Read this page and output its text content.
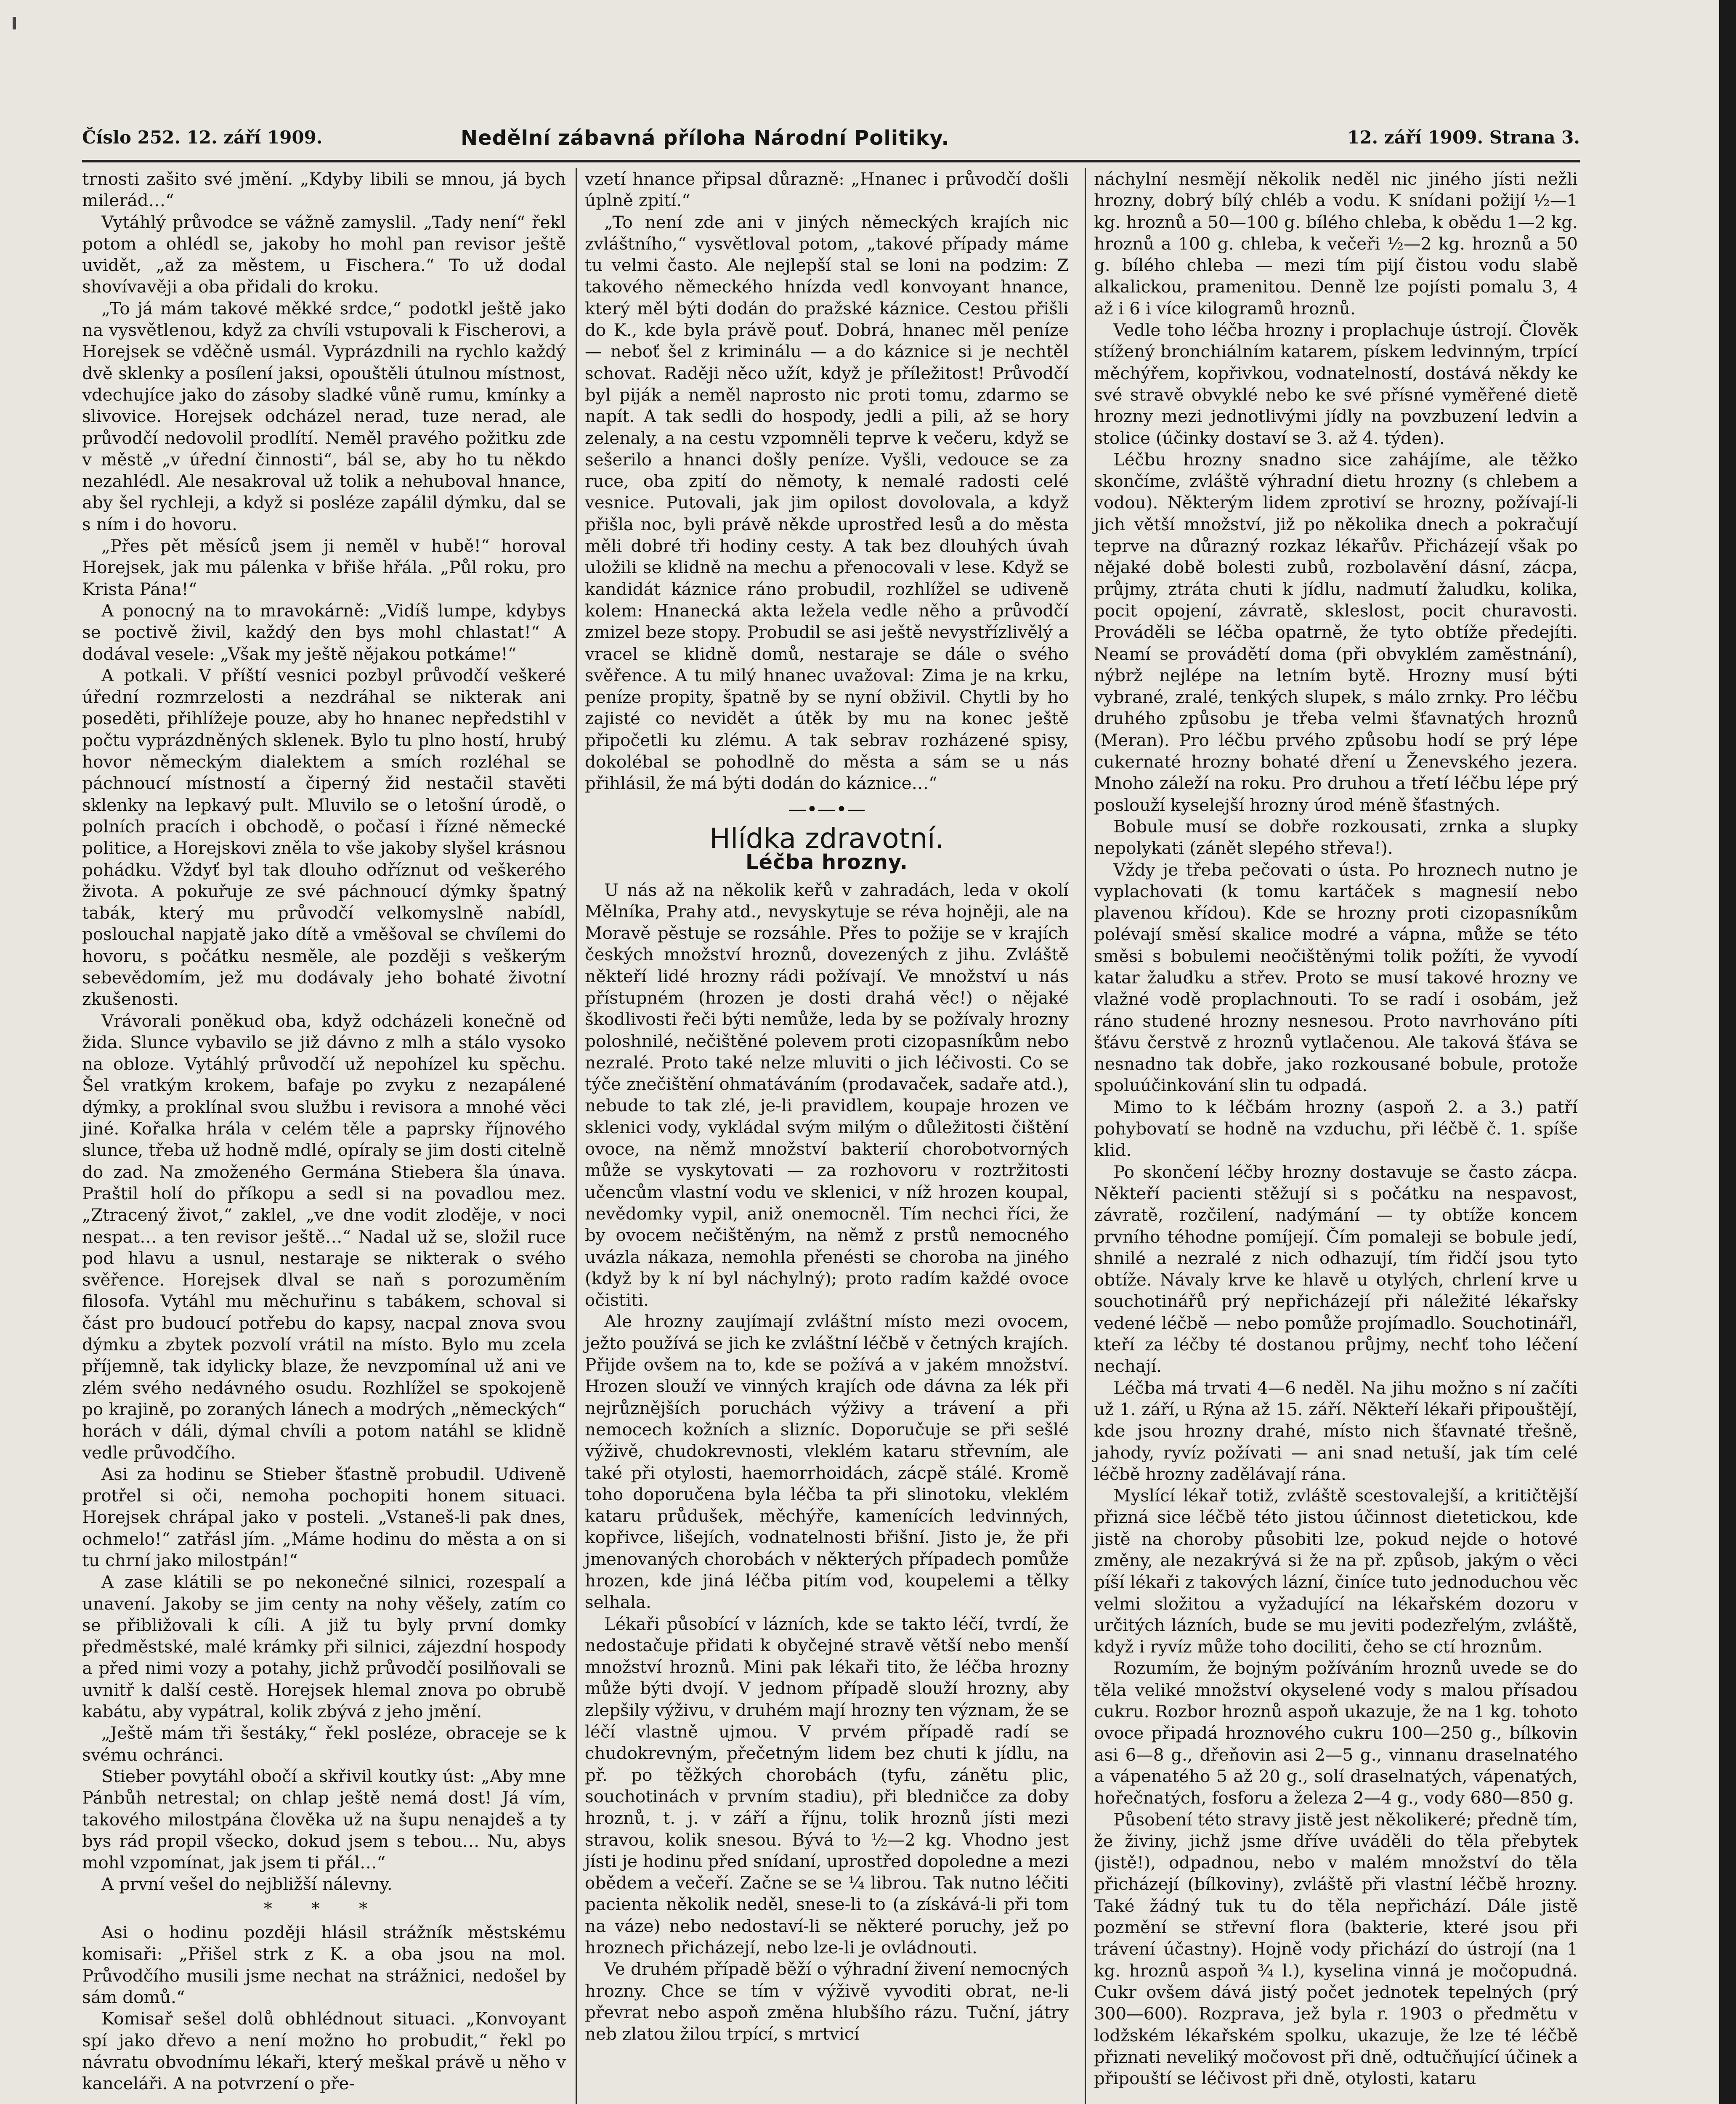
Číslo 252. 12. září 1909.	Nedělní zábavná příloha Národní Politiky.	12. září 1909. Strana 3.

trnosti zašito své jmění. „Kdyby libili se mnou, já bych milerád…“

Vytáhlý průvodce se vážně zamyslil. „Tady není“ řekl potom a ohlédl se, jakoby ho mohl pan revisor ještě uvidět, „až za městem, u Fischera.“ To už dodal shovívavěji a oba přidali do kroku.

„To já mám takové měkké srdce,“ podotkl ještě jako na vysvětlenou, když za chvíli vstupovali k Fischerovi, a Horejsek se vděčně usmál. Vyprázdnili na rychlo každý dvě sklenky a posílení jaksi, opouštěli útulnou místnost, vdechujíce jako do zásoby sladké vůně rumu, kmínky a slivovice. Horejsek odcházel nerad, tuze nerad, ale průvodčí nedovolil prodlítí. Neměl pravého požitku zde v městě „v úřední činnosti“, bál se, aby ho tu někdo nezahlédl. Ale nesakroval už tolik a nehuboval hnance, aby šel rychleji, a když si posléze zapálil dýmku, dal se s ním i do hovoru.

„Přes pět měsíců jsem ji neměl v hubě!“ horoval Horejsek, jak mu pálenka v břiše hřála. „Půl roku, pro Krista Pána!“

A ponocný na to mravokárně: „Vidíš lumpe, kdybys se poctivě živil, každý den bys mohl chlastat!“ A dodával vesele: „Však my ještě nějakou potkáme!“

A potkali. V příští vesnici pozbyl průvodčí veškeré úřední rozmrzelosti a nezdráhal se nikterak ani poseděti, přihlížeje pouze, aby ho hnanec nepředstihl v počtu vyprázdněných sklenek. Bylo tu plno hostí, hrubý hovor německým dialektem a smích rozléhal se páchnoucí místností a čiperný žid nestačil stavěti sklenky na lepkavý pult. Mluvilo se o letošní úrodě, o polních pracích i obchodě, o počasí i řízné německé politice, a Horejskovi zněla to vše jakoby slyšel krásnou pohádku. Vždyť byl tak dlouho odříznut od veškerého života. A pokuřuje ze své páchnoucí dýmky špatný tabák, který mu průvodčí velkomyslně nabídl, poslouchal napjatě jako dítě a vměšoval se chvílemi do hovoru, s počátku nesměle, ale později s veškerým sebevědomím, jež mu dodávaly jeho bohaté životní zkušenosti.

Vrávorali poněkud oba, když odcházeli konečně od žida. Slunce vybavilo se již dávno z mlh a stálo vysoko na obloze. Vytáhlý průvodčí už nepohízel ku spěchu. Šel vratkým krokem, bafaje po zvyku z nezapálené dýmky, a proklínal svou službu i revisora a mnohé věci jiné. Kořalka hrála v celém těle a paprsky říjnového slunce, třeba už hodně mdlé, opíraly se jim dosti citelně do zad. Na zmoženého Germána Stiebera šla únava. Praštil holí do příkopu a sedl si na povadlou mez. „Ztracený život,“ zaklel, „ve dne vodit zloděje, v noci nespat… a ten revisor ještě…“ Nadal už se, složil ruce pod hlavu a usnul, nestaraje se nikterak o svého svěřence. Horejsek dlval se naň s porozuměním filosofa. Vytáhl mu měchuřinu s tabákem, schoval si část pro budoucí potřebu do kapsy, nacpal znova svou dýmku a zbytek pozvolí vrátil na místo. Bylo mu zcela příjemně, tak idylicky blaze, že nevzpomínal už ani ve zlém svého nedávného osudu. Rozhlížel se spokojeně po krajině, po zoraných lánech a modrých „německých“ horách v dáli, dýmal chvíli a potom natáhl se klidně vedle průvodčího.

Asi za hodinu se Stieber šťastně probudil. Udiveně protřel si oči, nemoha pochopiti honem situaci. Horejsek chrápal jako v posteli. „Vstaneš-li pak dnes, ochmelo!“ zatřásl jím. „Máme hodinu do města a on si tu chrní jako milostpán!“

A zase klátili se po nekonečné silnici, rozespalí a unavení. Jakoby se jim centy na nohy věšely, zatím co se přibližovali k cíli. A již tu byly první domky předměstské, malé krámky při silnici, zájezdní hospody a před nimi vozy a potahy, jichž průvodčí posilňovali se uvnitř k další cestě. Horejsek hlemal znova po obrubě kabátu, aby vypátral, kolik zbývá z jeho jmění.

„Ještě mám tři šestáky,“ řekl posléze, obraceje se k svému ochránci.

Stieber povytáhl obočí a skřivil koutky úst: „Aby mne Pánbůh netrestal; on chlap ještě nemá dost! Já vím, takového milostpána člověka už na šupu nenajdeš a ty bys rád propil všecko, dokud jsem s tebou… Nu, abys mohl vzpomínat, jak jsem ti přál…“

A první vešel do nejbližší nálevny.

* * *

Asi o hodinu později hlásil strážník městskému komisaři: „Přišel strk z K. a oba jsou na mol. Průvodčího musili jsme nechat na strážnici, nedošel by sám domů.“

Komisař sešel dolů obhlédnout situaci. „Konvoyant spí jako dřevo a není možno ho probudit,“ řekl po návratu obvodnímu lékaři, který meškal právě u něho v kanceláři. A na potvrzení o pře-

vzetí hnance připsal důrazně: „Hnanec i průvodčí došli úplně zpití.“

„To není zde ani v jiných německých krajích nic zvláštního,“ vysvětloval potom, „takové případy máme tu velmi často. Ale nejlepší stal se loni na podzim: Z takového německého hnízda vedl konvoyant hnance, který měl býti dodán do pražské káznice. Cestou přišli do K., kde byla právě pouť. Dobrá, hnanec měl peníze — neboť šel z kriminálu — a do káznice si je nechtěl schovat. Raději něco užít, když je příležitost! Průvodčí byl piják a neměl naprosto nic proti tomu, zdarmo se napít. A tak sedli do hospody, jedli a pili, až se hory zelenaly, a na cestu vzpomněli teprve k večeru, když se sešerilo a hnanci došly peníze. Vyšli, vedouce se za ruce, oba zpití do němoty, k nemalé radosti celé vesnice. Putovali, jak jim opilost dovolovala, a když přišla noc, byli právě někde uprostřed lesů a do města měli dobré tři hodiny cesty. A tak bez dlouhých úvah uložili se klidně na mechu a přenocovali v lese. Když se kandidát káznice ráno probudil, rozhlížel se udiveně kolem: Hnanecká akta ležela vedle něho a průvodčí zmizel beze stopy. Probudil se asi ještě nevystřízlivělý a vracel se klidně domů, nestaraje se dále o svého svěřence. A tu milý hnanec uvažoval: Zima je na krku, peníze propity, špatně by se nyní obživil. Chytli by ho zajisté co nevidět a útěk by mu na konec ještě připočetli ku zlému. A tak sebrav rozházené spisy, dokolébal se pohodlně do města a sám se u nás přihlásil, že má býti dodán do káznice…“

—•—•—
Hlídka zdravotní.
Léčba hrozny.

U nás až na několik keřů v zahradách, leda v okolí Mělníka, Prahy atd., nevyskytuje se réva hojněji, ale na Moravě pěstuje se rozsáhle. Přes to požije se v krajích českých množství hroznů, dovezených z jihu. Zvláště někteří lidé hrozny rádi požívají. Ve množství u nás přístupném (hrozen je dosti drahá věc!) o nějaké škodlivosti řeči býti nemůže, leda by se požívaly hrozny poloshnilé, nečištěné polevem proti cizopasníkům nebo nezralé. Proto také nelze mluviti o jich léčivosti. Co se týče znečištění ohmatáváním (prodavaček, sadaře atd.), nebude to tak zlé, je-li pravidlem, koupaje hrozen ve sklenici vody, vykládal svým milým o důležitosti čištění ovoce, na němž množství bakterií chorobotvorných může se vyskytovati — za rozhovoru v roztržitosti učencům vlastní vodu ve sklenici, v níž hrozen koupal, nevědomky vypil, aniž onemocněl. Tím nechci říci, že by ovocem nečištěným, na němž z prstů nemocného uvázla nákaza, nemohla přenésti se choroba na jiného (když by k ní byl náchylný); proto radím každé ovoce očistiti.

Ale hrozny zaujímají zvláštní místo mezi ovocem, ježto používá se jich ke zvláštní léčbě v četných krajích. Přijde ovšem na to, kde se požívá a v jakém množství. Hrozen slouží ve vinných krajích ode dávna za lék při nejrůznějších poruchách výživy a trávení a při nemocech kožních a slizníc. Doporučuje se při sešlé výživě, chudokrevnosti, vleklém kataru střevním, ale také při otylosti, haemorrhoidách, zácpě stálé. Kromě toho doporučena byla léčba ta při slinotoku, vleklém kataru průdušek, měchýře, kamenících ledvinných, kopřivce, lišejích, vodnatelnosti břišní. Jisto je, že při jmenovaných chorobách v některých případech pomůže hrozen, kde jiná léčba pitím vod, koupelemi a tělky selhala.

Lékaři působící v lázních, kde se takto léčí, tvrdí, že nedostačuje přidati k obyčejné stravě větší nebo menší množství hroznů. Mini pak lékaři tito, že léčba hrozny může býti dvojí. V jednom případě slouží hrozny, aby zlepšily výživu, v druhém mají hrozny ten význam, že se léčí vlastně ujmou. V prvém případě radí se chudokrevným, přečetným lidem bez chuti k jídlu, na př. po těžkých chorobách (tyfu, zánětu plic, souchotinách v prvním stadiu), při bledničce za doby hroznů, t. j. v září a říjnu, tolik hroznů jísti mezi stravou, kolik snesou. Bývá to ½—2 kg. Vhodno jest jísti je hodinu před snídaní, uprostřed dopoledne a mezi obědem a večeří. Začne se se ¼ librou. Tak nutno léčiti pacienta několik neděl, snese-li to (a získává-li při tom na váze) nebo nedostaví-li se některé poruchy, jež po hroznech přicházejí, nebo lze-li je ovládnouti.

Ve druhém případě běží o výhradní živení nemocných hrozny. Chce se tím v výživě vyvoditi obrat, ne-li převrat nebo aspoň změna hlubšího rázu. Tuční, játry neb zlatou žilou trpící, s mrtvicí

náchylní nesmějí několik neděl nic jiného jísti nežli hrozny, dobrý bílý chléb a vodu. K snídani požijí ½—1 kg. hroznů a 50—100 g. bílého chleba, k obědu 1—2 kg. hroznů a 100 g. chleba, k večeři ½—2 kg. hroznů a 50 g. bílého chleba — mezi tím pijí čistou vodu slabě alkalickou, pramenitou. Denně lze pojísti pomalu 3, 4 až i 6 i více kilogramů hroznů.

Vedle toho léčba hrozny i proplachuje ústrojí. Člověk stížený bronchiálním katarem, pískem ledvinným, trpící měchýřem, kopřivkou, vodnatelností, dostává někdy ke své stravě obvyklé nebo ke své přísné vyměřené dietě hrozny mezi jednotlivými jídly na povzbuzení ledvin a stolice (účinky dostaví se 3. až 4. týden).

Léčbu hrozny snadno sice zahájíme, ale těžko skončíme, zvláště výhradní dietu hrozny (s chlebem a vodou). Některým lidem zprotiví se hrozny, požívají-li jich větší množství, již po několika dnech a pokračují teprve na důrazný rozkaz lékařův. Přicházejí však po nějaké době bolesti zubů, rozbolavění dásní, zácpa, průjmy, ztráta chuti k jídlu, nadmutí žaludku, kolika, pocit opojení, závratě, skleslost, pocit churavosti. Prováděli se léčba opatrně, že tyto obtíže předejíti. Neamí se provádětí doma (při obvyklém zaměstnání), nýbrž nejlépe na letním bytě. Hrozny musí býti vybrané, zralé, tenkých slupek, s málo zrnky. Pro léčbu druhého způsobu je třeba velmi šťavnatých hroznů (Meran). Pro léčbu prvého způsobu hodí se prý lépe cukernaté hrozny bohaté dření u Ženevského jezera. Mnoho záleží na roku. Pro druhou a třetí léčbu lépe prý poslouží kyselejší hrozny úrod méně šťastných.

Bobule musí se dobře rozkousati, zrnka a slupky nepolykati (zánět slepého střeva!).

Vždy je třeba pečovati o ústa. Po hroznech nutno je vyplachovati (k tomu kartáček s magnesií nebo plavenou křídou). Kde se hrozny proti cizopasníkům polévají směsí skalice modré a vápna, může se této směsi s bobulemi neočištěnými tolik požíti, že vyvodí katar žaludku a střev. Proto se musí takové hrozny ve vlažné vodě proplachnouti. To se radí i osobám, jež ráno studené hrozny nesnesou. Proto navrhováno píti šťávu čerstvě z hroznů vytlačenou. Ale taková šťáva se nesnadno tak dobře, jako rozkousané bobule, protože spoluúčinkování slin tu odpadá.

Mimo to k léčbám hrozny (aspoň 2. a 3.) patří pohybovatí se hodně na vzduchu, při léčbě č. 1. spíše klid.

Po skončení léčby hrozny dostavuje se často zácpa. Někteří pacienti stěžují si s počátku na nespavost, závratě, rozčilení, nadýmání — ty obtíže koncem prvního téhodne pomíjejí. Čím pomaleji se bobule jedí, shnilé a nezralé z nich odhazují, tím řidčí jsou tyto obtíže. Návaly krve ke hlavě u otylých, chrlení krve u souchotinářů prý nepřicházejí při náležité lékařsky vedené léčbě — nebo pomůže projímadlo. Souchotinářl, kteří za léčby té dostanou průjmy, nechť toho léčení nechají.

Léčba má trvati 4—6 neděl. Na jihu možno s ní začíti už 1. září, u Rýna až 15. září. Někteří lékaři připouštějí, kde jsou hrozny drahé, místo nich šťavnaté třešně, jahody, ryvíz požívati — ani snad netuší, jak tím celé léčbě hrozny zadělávají rána.

Myslící lékař totiž, zvláště scestovalejší, a kritičtější přizná sice léčbě této jistou účinnost dietetickou, kde jistě na choroby působiti lze, pokud nejde o hotové změny, ale nezakrývá si že na př. způsob, jakým o věci píší lékaři z takových lázní, činíce tuto jednoduchou věc velmi složitou a vyžadující na lékařském dozoru v určitých lázních, bude se mu jeviti podezřelým, zvláště, když i ryvíz může toho dociliti, čeho se ctí hroznům.

Rozumím, že bojným požíváním hroznů uvede se do těla veliké množství okyselené vody s malou přísadou cukru. Rozbor hroznů aspoň ukazuje, že na 1 kg. tohoto ovoce připadá hroznového cukru 100—250 g., bílkovin asi 6—8 g., dřeňovin asi 2—5 g., vinnanu draselnatého a vápenatého 5 až 20 g., solí draselnatých, vápenatých, hořečnatých, fosforu a železa 2—4 g., vody 680—850 g.

Působení této stravy jistě jest několikeré; předně tím, že živiny, jichž jsme dříve uváděli do těla přebytek (jistě!), odpadnou, nebo v malém množství do těla přicházejí (bílkoviny), zvláště při vlastní léčbě hrozny. Také žádný tuk tu do těla nepřichází. Dále jistě pozmění se střevní flora (bakterie, které jsou při trávení účastny). Hojně vody přichází do ústrojí (na 1 kg. hroznů aspoň ¾ l.), kyselina vinná je močopudná. Cukr ovšem dává jistý počet jednotek tepelných (prý 300—600). Rozprava, jež byla r. 1903 o předmětu v lodžském lékařském spolku, ukazuje, že lze té léčbě přiznati neveliký močovost při dně, odtučňující účinek a připouští se léčivost při dně, otylosti, kataru
